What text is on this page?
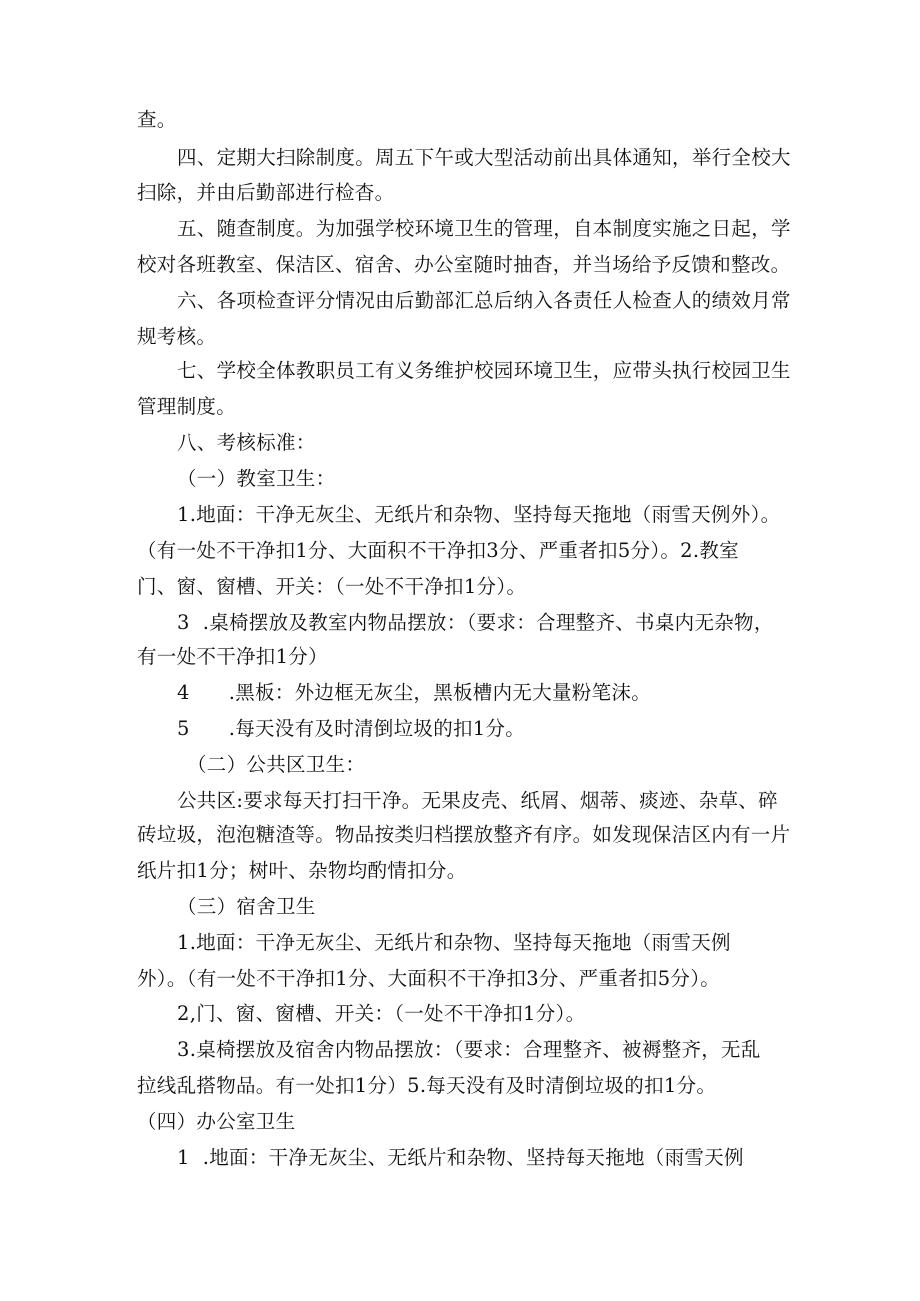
查。
四、定期大扫除制度。周五下午或大型活动前出具体通知，举行全校大
扫除，并由后勤部进行检杳。
五、随查制度。为加强学校环境卫生的管理，自本制度实施之日起，学
校对各班教室、保洁区、宿舍、办公室随时抽杳，并当场给予反馈和整改。
六、各项检查评分情况由后勤部汇总后纳入各责任人检查人的绩效月常
规考核。
七、学校全体教职员工有义务维护校园环境卫生，应带头执行校园卫生
管理制度。
八、考核标准：
（一）教室卫生：
1.地面：干净无灰尘、无纸片和杂物、坚持每天拖地（雨雪天例外）。
（有一处不干净扣1分、大面积不干净扣3分、严重者扣5分）。2.教室
门、窗、窗槽、开关：（一处不干净扣1分）。
3  .桌椅摆放及教室内物品摆放：（要求：合理整齐、书桌内无杂物，
有一处不干净扣1分）
4      .黑板：外边框无灰尘，黑板槽内无大量粉笔沫。
5      .每天没有及时清倒垃圾的扣1分。
（二）公共区卫生：
公共区:要求每天打扫干净。无果皮壳、纸屑、烟蒂、痰迹、杂草、碎
砖垃圾，泡泡糖渣等。物品按类归档摆放整齐有序。如发现保洁区内有一片
纸片扣1分；树叶、杂物均酌情扣分。
（三）宿舍卫生
1.地面：干净无灰尘、无纸片和杂物、坚持每天拖地（雨雪天例
外）。（有一处不干净扣1分、大面积不干净扣3分、严重者扣5分）。
2,门、窗、窗槽、开关：（一处不干净扣1分）。
3.桌椅摆放及宿舍内物品摆放：（要求：合理整齐、被褥整齐，无乱
拉线乱搭物品。有一处扣1分）5.每天没有及时清倒垃圾的扣1分。
（四）办公室卫生
1  .地面：干净无灰尘、无纸片和杂物、坚持每天拖地（雨雪天例
